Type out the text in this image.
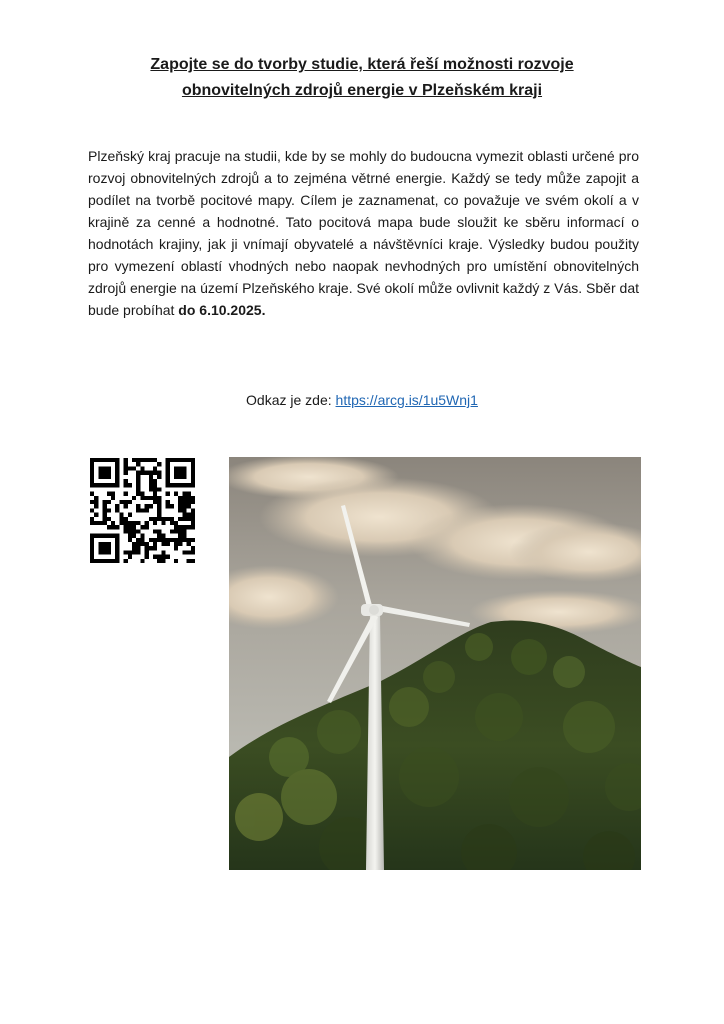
Zapojte se do tvorby studie, která řeší možnosti rozvoje
obnovitelných zdrojů energie v Plzeňském kraji

Plzeňský kraj pracuje na studii, kde by se mohly do budoucna vymezit oblasti určené pro rozvoj obnovitelných zdrojů a to zejména větrné energie. Každý se tedy může zapojit a podílet na tvorbě pocitové mapy. Cílem je zaznamenat, co považuje ve svém okolí a v krajině za cenné a hodnotné. Tato pocitová mapa bude sloužit ke sběru informací o hodnotách krajiny, jak ji vnímají obyvatelé a návštěvníci kraje. Výsledky budou použity pro vymezení oblastí vhodných nebo naopak nevhodných pro umístění obnovitelných zdrojů energie na území Plzeňského kraje. Své okolí může ovlivnit každý z Vás. Sběr dat bude probíhat do 6.10.2025.

Odkaz je zde: https://arcg.is/1u5Wnj1
